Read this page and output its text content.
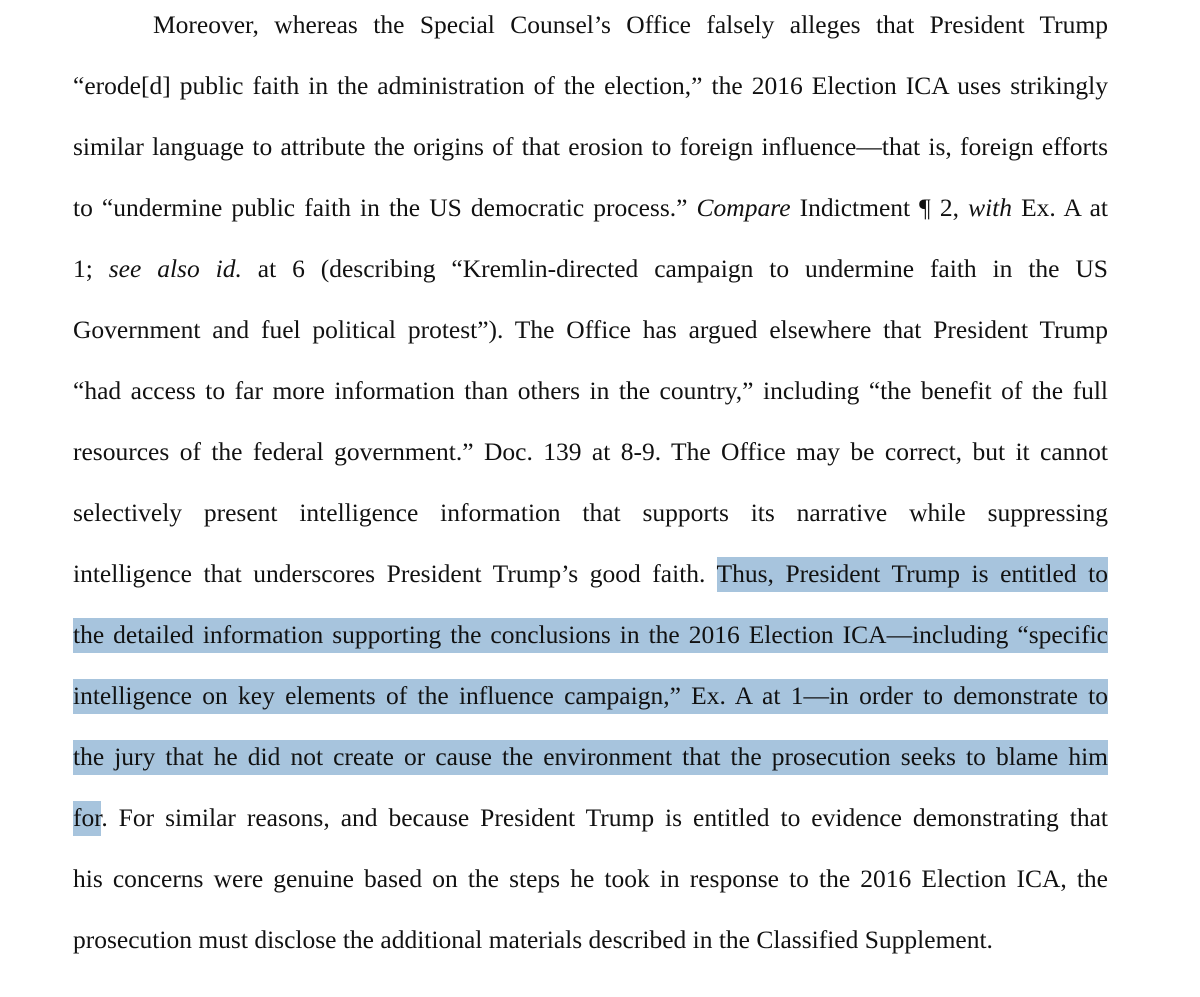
Moreover, whereas the Special Counsel’s Office falsely alleges that President Trump
“erode[d] public faith in the administration of the election,” the 2016 Election ICA uses strikingly
similar language to attribute the origins of that erosion to foreign influence—that is, foreign efforts
to “undermine public faith in the US democratic process.” Compare Indictment ¶ 2, with Ex. A at
1; see also id. at 6 (describing “Kremlin-directed campaign to undermine faith in the US
Government and fuel political protest”). The Office has argued elsewhere that President Trump
“had access to far more information than others in the country,” including “the benefit of the full
resources of the federal government.” Doc. 139 at 8-9. The Office may be correct, but it cannot
selectively present intelligence information that supports its narrative while suppressing
intelligence that underscores President Trump’s good faith. Thus, President Trump is entitled to
the detailed information supporting the conclusions in the 2016 Election ICA—including “specific
intelligence on key elements of the influence campaign,” Ex. A at 1—in order to demonstrate to
the jury that he did not create or cause the environment that the prosecution seeks to blame him
for. For similar reasons, and because President Trump is entitled to evidence demonstrating that
his concerns were genuine based on the steps he took in response to the 2016 Election ICA, the
prosecution must disclose the additional materials described in the Classified Supplement.
